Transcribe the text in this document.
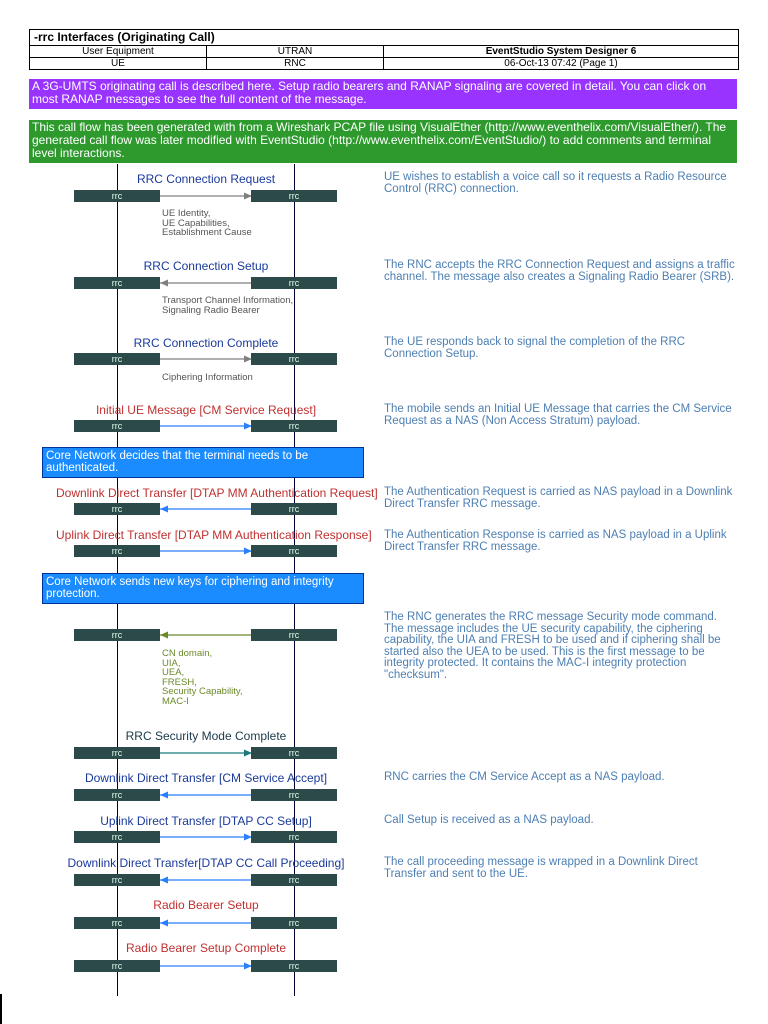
-rrc Interfaces (Originating Call)
User Equipment	UTRAN	EventStudio System Designer 6
UE	RNC	06-Oct-13 07:42 (Page 1)
A 3G-UMTS originating call is described here. Setup radio bearers and RANAP signaling are covered in detail. You can click on most RANAP messages to see the full content of the message.
This call flow has been generated with from a Wireshark PCAP file using VisualEther (http://www.eventhelix.com/VisualEther/). The generated call flow was later modified with EventStudio (http://www.eventhelix.com/EventStudio/) to add comments and terminal level interactions.
Core Network decides that the terminal needs to be authenticated.
Core Network sends new keys for ciphering and integrity protection.
RRC Connection Request
rrc	rrc
UE Identity,
UE Capabilities,
Establishment Cause
UE wishes to establish a voice call so it requests a Radio Resource Control (RRC) connection.
RRC Connection Setup
rrc	rrc
Transport Channel Information,
Signaling Radio Bearer
The RNC accepts the RRC Connection Request and assigns a traffic channel. The message also creates a Signaling Radio Bearer (SRB).
RRC Connection Complete
rrc	rrc
Ciphering Information
The UE responds back to signal the completion of the RRC Connection Setup.
Initial UE Message [CM Service Request]
rrc	rrc
The mobile sends an Initial UE Message that carries the CM Service Request as a NAS (Non Access Stratum) payload.
Downlink Direct Transfer [DTAP MM Authentication Request]
rrc	rrc
The Authentication Request is carried as NAS payload in a Downlink Direct Transfer RRC message.
Uplink Direct Transfer [DTAP MM Authentication Response]
rrc	rrc
The Authentication Response is carried as NAS payload in a Uplink Direct Transfer RRC message.
rrc	rrc
CN domain,
UIA,
UEA,
FRESH,
Security Capability,
MAC-I
The RNC generates the RRC message Security mode command. The message includes the UE security capability, the ciphering capability, the UIA and FRESH to be used and if ciphering shall be started also the UEA to be used. This is the first message to be integrity protected. It contains the MAC-I integrity protection "checksum".
RRC Security Mode Complete
rrc	rrc
Downlink Direct Transfer [CM Service Accept]
rrc	rrc
RNC carries the CM Service Accept as a NAS payload.
Uplink Direct Transfer [DTAP CC Setup]
rrc	rrc
Call Setup is received as a NAS payload.
Downlink Direct Transfer[DTAP CC Call Proceeding]
rrc	rrc
The call proceeding message is wrapped in a Downlink Direct Transfer and sent to the UE.
Radio Bearer Setup
rrc	rrc
Radio Bearer Setup Complete
rrc	rrc
